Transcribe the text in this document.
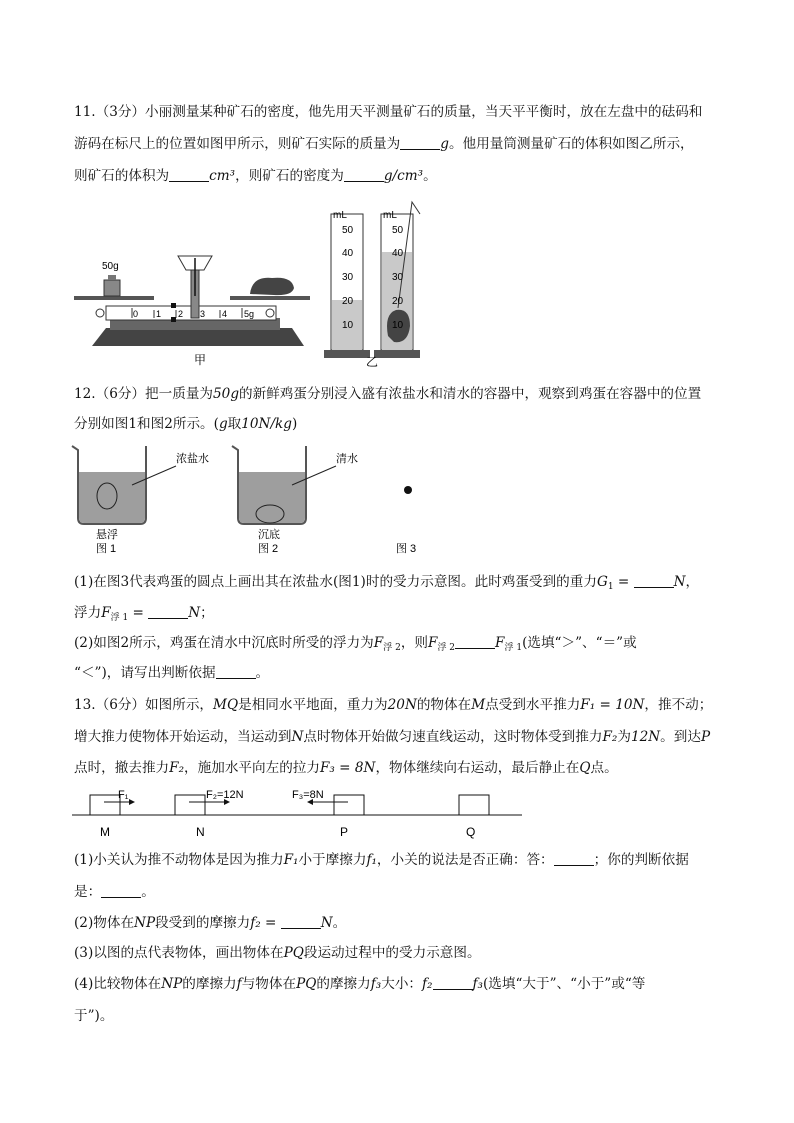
11.（3分）小丽测量某种矿石的密度，他先用天平测量矿石的质量，当天平平衡时，放在左盘中的砝码和
游码在标尺上的位置如图甲所示，则矿石实际的质量为	g。他用量筒测量矿石的体积如图乙所示，
则矿石的体积为	cm³，则矿石的密度为	g/cm³。
50g
0 1 2 3 4 5g
甲
mL
50
40
30
20
10
mL
50
40
30
20
10
乙
12.（6分）把一质量为50g的新鲜鸡蛋分别浸入盛有浓盐水和清水的容器中，观察到鸡蛋在容器中的位置
分别如图1和图2所示。(g取10N/kg)
浓盐水
悬浮
图 1
清水
沉底
图 2	图 3
(1)在图3代表鸡蛋的圆点上画出其在浓盐水(图1)时的受力示意图。此时鸡蛋受到的重力$G_1$ =	N，
浮力$F_{浮 1}$ =	N；
(2)如图2所示，鸡蛋在清水中沉底时所受的浮力为$F_{浮 2}$，则$F_{浮 2}$	$F_{浮 1}$(选填“＞”、“＝”或
“＜”)，请写出判断依据	。
13.（6分）如图所示，MQ是相同水平地面，重力为20N的物体在M点受到水平推力F₁ = 10N，推不动；
增大推力使物体开始运动，当运动到N点时物体开始做匀速直线运动，这时物体受到推力F₂为12N。到达P
点时，撤去推力F₂，施加水平向左的拉力F₃ = 8N，物体继续向右运动，最后静止在Q点。
F₁	F₂=12N	F₃=8N
M	N	P	Q
(1)小关认为推不动物体是因为推力F₁小于摩擦力f₁，小关的说法是否正确：答：	；你的判断依据
是：	。
(2)物体在NP段受到的摩擦力f₂ =	N。
(3)以图的点代表物体，画出物体在PQ段运动过程中的受力示意图。
(4)比较物体在NP的摩擦力f与物体在PQ的摩擦力f₃大小：f₂	f₃(选填“大于”、“小于”或“等
于”)。
